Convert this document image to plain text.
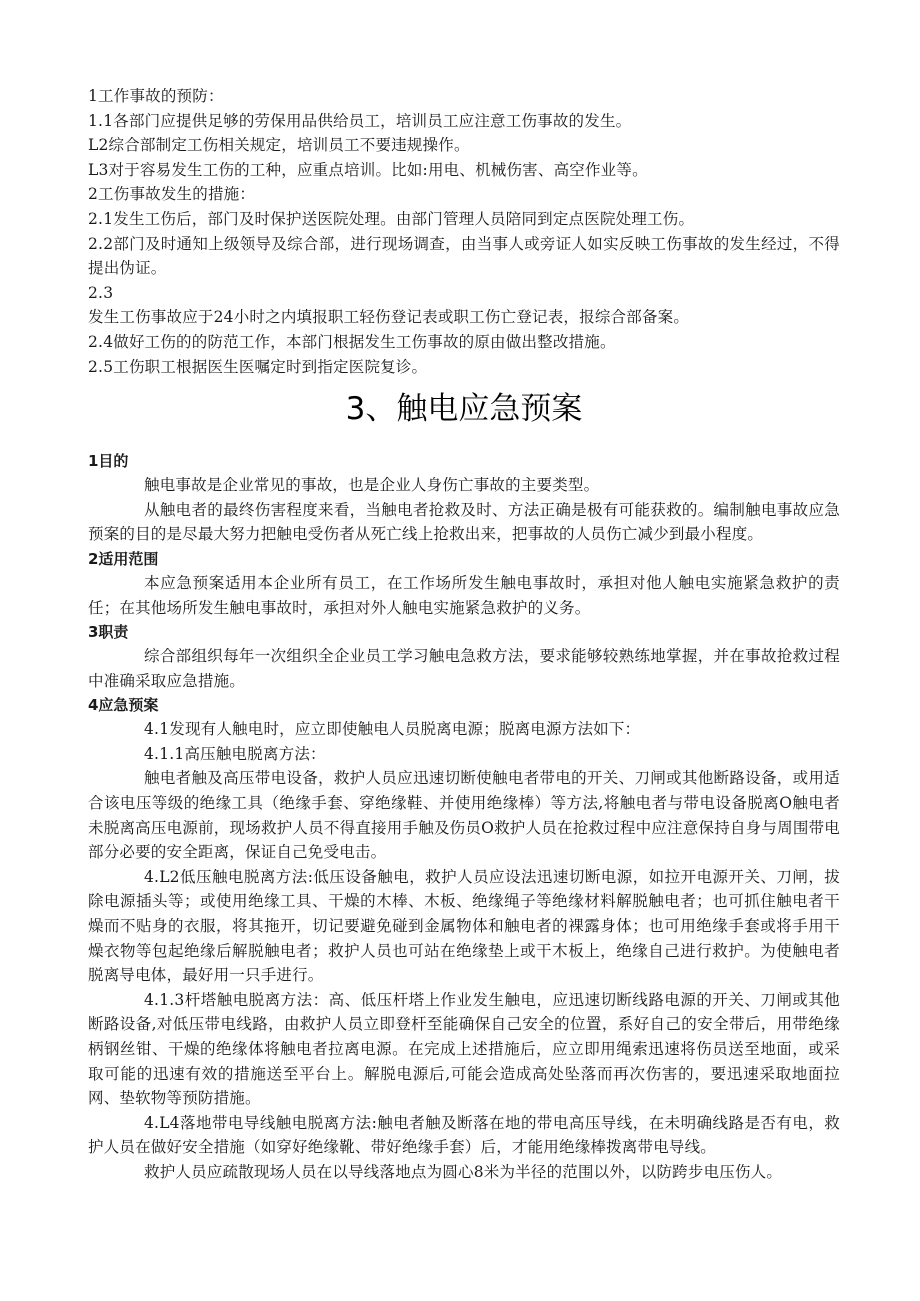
1工作事故的预防：

1.1各部门应提供足够的劳保用品供给员工，培训员工应注意工伤事故的发生。

L2综合部制定工伤相关规定，培训员工不要违规操作。

L3对于容易发生工伤的工种，应重点培训。比如:用电、机械伤害、高空作业等。

2工伤事故发生的措施：

2.1发生工伤后，部门及时保护送医院处理。由部门管理人员陪同到定点医院处理工伤。

2.2部门及时通知上级领导及综合部，进行现场调查，由当事人或旁证人如实反映工伤事故的发生经过，不得提出伪证。

2.3

发生工伤事故应于24小时之内填报职工轻伤登记表或职工伤亡登记表，报综合部备案。

2.4做好工伤的的防范工作，本部门根据发生工伤事故的原由做出整改措施。

2.5工伤职工根据医生医嘱定时到指定医院复诊。

3、触电应急预案

1目的

触电事故是企业常见的事故，也是企业人身伤亡事故的主要类型。

从触电者的最终伤害程度来看，当触电者抢救及时、方法正确是极有可能获救的。编制触电事故应急预案的目的是尽最大努力把触电受伤者从死亡线上抢救出来，把事故的人员伤亡减少到最小程度。

2适用范围

本应急预案适用本企业所有员工，在工作场所发生触电事故时，承担对他人触电实施紧急救护的责任；在其他场所发生触电事故时，承担对外人触电实施紧急救护的义务。

3职责

综合部组织每年一次组织全企业员工学习触电急救方法，要求能够较熟练地掌握，并在事故抢救过程中准确采取应急措施。

4应急预案

4.1发现有人触电时，应立即使触电人员脱离电源；脱离电源方法如下：

4.1.1高压触电脱离方法：

触电者触及高压带电设备，救护人员应迅速切断使触电者带电的开关、刀闸或其他断路设备，或用适合该电压等级的绝缘工具（绝缘手套、穿绝缘鞋、并使用绝缘棒）等方法,将触电者与带电设备脱离O触电者未脱离高压电源前，现场救护人员不得直接用手触及伤员O救护人员在抢救过程中应注意保持自身与周围带电部分必要的安全距离，保证自己免受电击。

4.L2低压触电脱离方法:低压设备触电，救护人员应设法迅速切断电源，如拉开电源开关、刀闸，拔除电源插头等；或使用绝缘工具、干燥的木棒、木板、绝缘绳子等绝缘材料解脱触电者；也可抓住触电者干燥而不贴身的衣服，将其拖开，切记要避免碰到金属物体和触电者的裸露身体；也可用绝缘手套或将手用干燥衣物等包起绝缘后解脱触电者；救护人员也可站在绝缘垫上或干木板上，绝缘自己进行救护。为使触电者脱离导电体，最好用一只手进行。

4.1.3杆塔触电脱离方法：高、低压杆塔上作业发生触电，应迅速切断线路电源的开关、刀闸或其他断路设备,对低压带电线路，由救护人员立即登杆至能确保自己安全的位置，系好自己的安全带后，用带绝缘柄钢丝钳、干燥的绝缘体将触电者拉离电源。在完成上述措施后，应立即用绳索迅速将伤员送至地面，或采取可能的迅速有效的措施送至平台上。解脱电源后,可能会造成高处坠落而再次伤害的，要迅速采取地面拉网、垫软物等预防措施。

4.L4落地带电导线触电脱离方法:触电者触及断落在地的带电高压导线，在未明确线路是否有电，救护人员在做好安全措施（如穿好绝缘靴、带好绝缘手套）后，才能用绝缘棒拨离带电导线。

救护人员应疏散现场人员在以导线落地点为圆心8米为半径的范围以外，以防跨步电压伤人。
